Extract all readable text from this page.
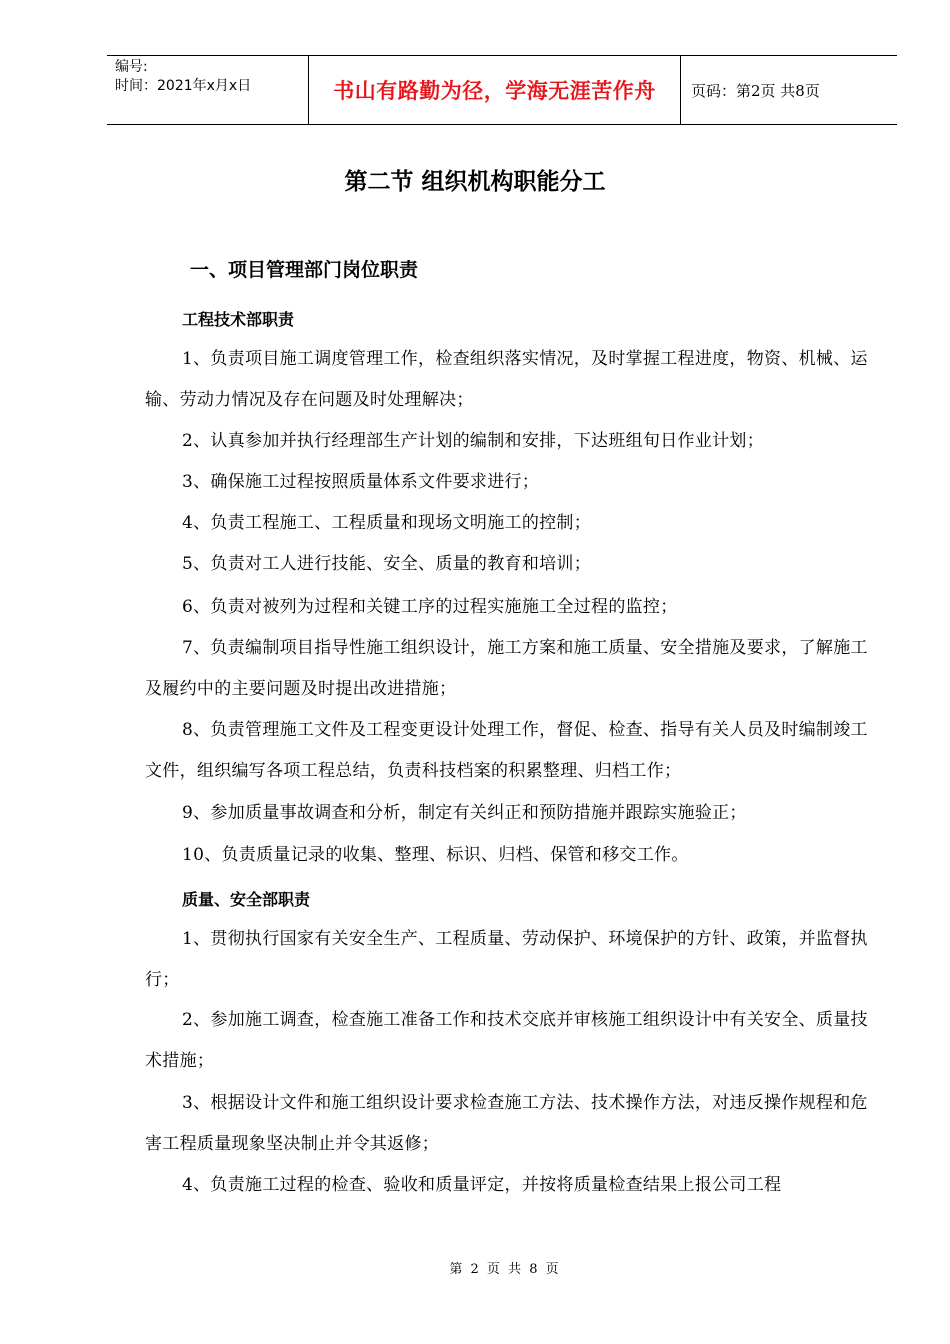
编号:
时间：2021年x月x日	书山有路勤为径，学海无涯苦作舟	页码：第2页 共8页
第二节 组织机构职能分工
一、项目管理部门岗位职责
工程技术部职责
1、负责项目施工调度管理工作，检查组织落实情况，及时掌握工程进度，物资、机械、运输、劳动力情况及存在问题及时处理解决；
2、认真参加并执行经理部生产计划的编制和安排，下达班组旬日作业计划；
3、确保施工过程按照质量体系文件要求进行；
4、负责工程施工、工程质量和现场文明施工的控制；
5、负责对工人进行技能、安全、质量的教育和培训；
6、负责对被列为过程和关键工序的过程实施施工全过程的监控；
7、负责编制项目指导性施工组织设计，施工方案和施工质量、安全措施及要求，了解施工及履约中的主要问题及时提出改进措施；
8、负责管理施工文件及工程变更设计处理工作，督促、检查、指导有关人员及时编制竣工文件，组织编写各项工程总结，负责科技档案的积累整理、归档工作；
9、参加质量事故调查和分析，制定有关纠正和预防措施并跟踪实施验正；
10、负责质量记录的收集、整理、标识、归档、保管和移交工作。
质量、安全部职责
1、贯彻执行国家有关安全生产、工程质量、劳动保护、环境保护的方针、政策，并监督执行；
2、参加施工调查，检查施工准备工作和技术交底并审核施工组织设计中有关安全、质量技术措施；
3、根据设计文件和施工组织设计要求检查施工方法、技术操作方法，对违反操作规程和危害工程质量现象坚决制止并令其返修；
4、负责施工过程的检查、验收和质量评定，并按将质量检查结果上报公司工程
第 2 页 共 8 页
